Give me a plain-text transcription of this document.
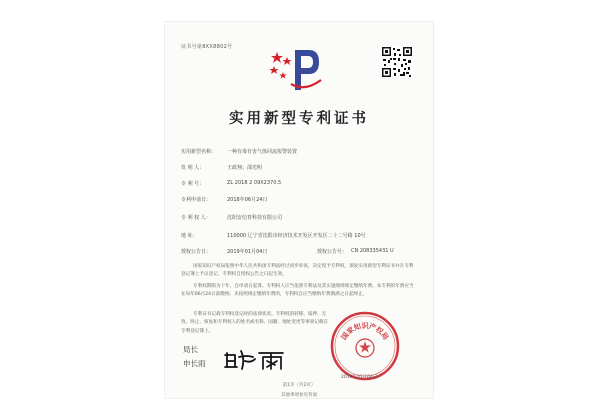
证书号第8XX8802号
实用新型专利证书
实用新型名称： 一种有毒有害气体回流报警装置
发 明 人：	王政翔；邵光明
专 利 号：	ZL 2018 2 09X2370.5
专利申请日：	2018年06月24日
专 利 权 人：	沈阳安信育科技有限公司
地 址：	110000 辽宁省沈阳市经济技术开发区开发区二十二号路 10号
授权公告日：	2019年01月04日	授权公告号： CN 208335431 U

国家知识产权局依照中华人民共和国专利法经过初步审查，决定授予专利权，颁发实用新型专利证书并在专利登记簿上予以登记。专利权自授权公告之日起生效。

专利权期限为十年，自申请日起算。专利权人应当依照专利法及其实施细则规定缴纳年费。本专利的年费应当在每年06月24日前缴纳。未按照规定缴纳年费的，专利权自应当缴纳年费期满之日起终止。

专利证书记载专利权登记时的法律状况。专利权的转移、质押、无效、终止、恢复和专利权人的姓名或名称、国籍、地址变更等事项记载在专利登记簿上。

局长
国家知识产权局
申长雨
2019年01月04日
第1页（共2页）
其他事项参见背面
